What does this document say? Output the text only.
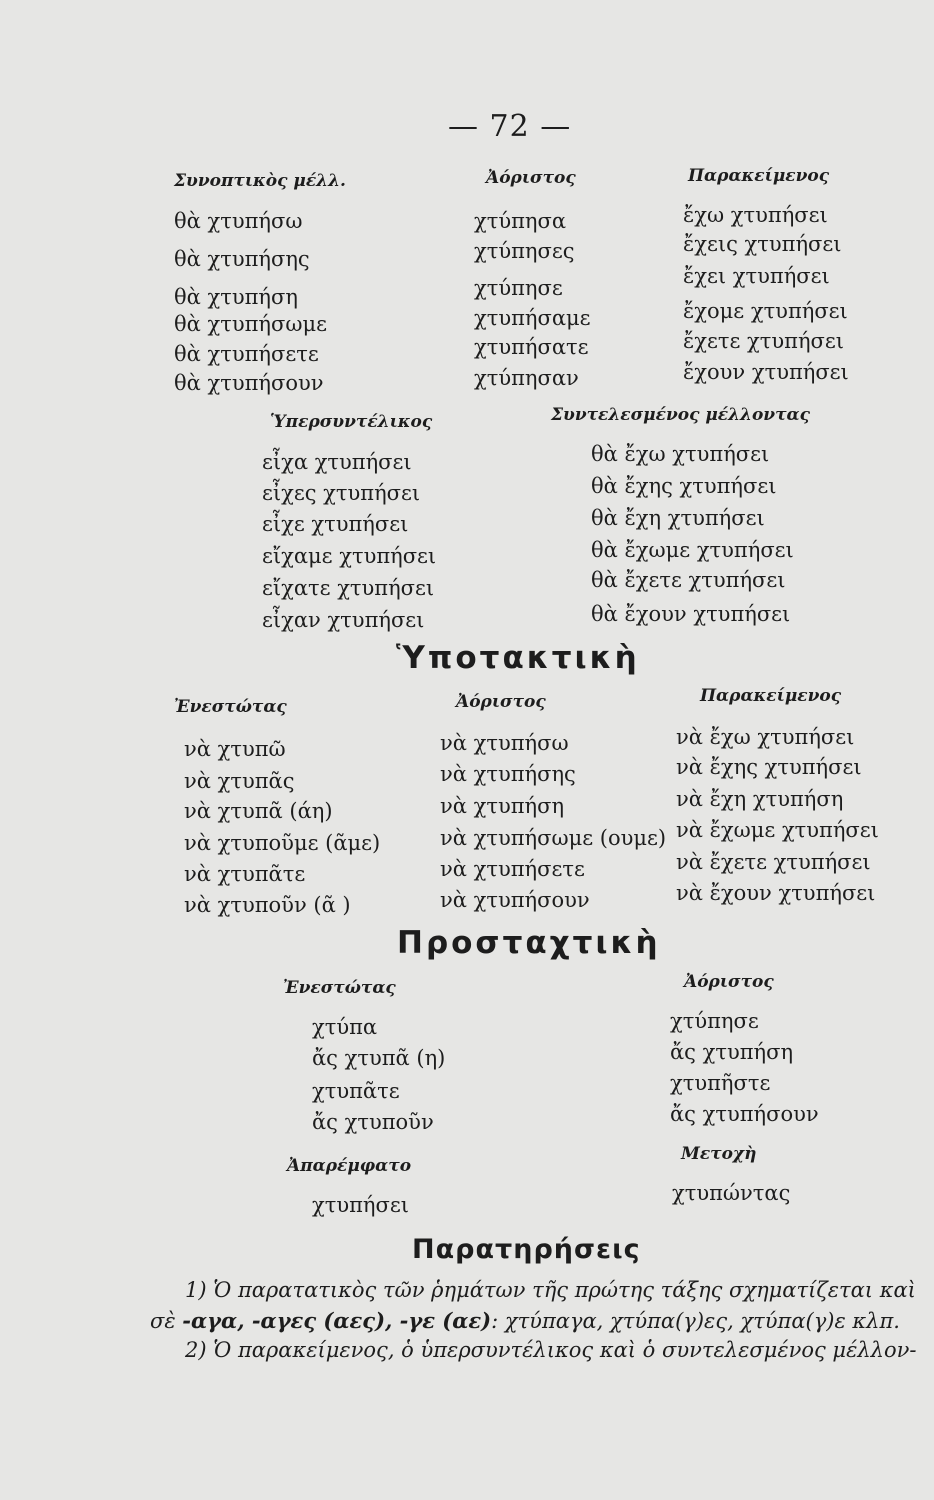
— 72 —
Συνοπτικὸς μέλλ.
θὰ χτυπήσω
θὰ χτυπήσης
θὰ χτυπήση
θὰ χτυπήσωμε
θὰ χτυπήσετε
θὰ χτυπήσουν
Ἀόριστος
χτύπησα
χτύπησες
χτύπησε
χτυπήσαμε
χτυπήσατε
χτύπησαν
Παρακείμενος
ἔχω χτυπήσει
ἔχεις χτυπήσει
ἔχει χτυπήσει
ἔχομε χτυπήσει
ἔχετε χτυπήσει
ἔχουν χτυπήσει
Ὑπερσυντέλικος
εἶχα χτυπήσει
εἶχες χτυπήσει
εἶχε χτυπήσει
εἴχαμε χτυπήσει
εἴχατε χτυπήσει
εἶχαν χτυπήσει
Συντελεσμένος μέλλοντας
θὰ ἔχω χτυπήσει
θὰ ἔχης χτυπήσει
θὰ ἔχη χτυπήσει
θὰ ἔχωμε χτυπήσει
θὰ ἔχετε χτυπήσει
θὰ ἔχουν χτυπήσει
Ὑποτακτικὴ
Ἐνεστώτας
νὰ χτυπῶ
νὰ χτυπᾶς
νὰ χτυπᾶ (άη)
νὰ χτυποῦμε (ᾶμε)
νὰ χτυπᾶτε
νὰ χτυποῦν (ᾶ )
Ἀόριστος
νὰ χτυπήσω
νὰ χτυπήσης
νὰ χτυπήση
νὰ χτυπήσωμε (ουμε)
νὰ χτυπήσετε
νὰ χτυπήσουν
Παρακείμενος
νὰ ἔχω χτυπήσει
νὰ ἔχης χτυπήσει
νὰ ἔχη χτυπήση
νὰ ἔχωμε χτυπήσει
νὰ ἔχετε χτυπήσει
νὰ ἔχουν χτυπήσει
Προσταχτικὴ
Ἐνεστώτας
χτύπα
ἄς χτυπᾶ (η)
χτυπᾶτε
ἄς χτυποῦν
Ἀόριστος
χτύπησε
ἄς χτυπήση
χτυπῆστε
ἄς χτυπήσουν
Ἀπαρέμφατο
χτυπήσει
Μετοχὴ
χτυπώντας
Παρατηρήσεις
1) Ὁ παρατατικὸς τῶν ῥημάτων τῆς πρώτης τάξης σχηματίζεται καὶ
σὲ -αγα, -αγες (αες), -γε (αε): χτύπαγα, χτύπα(γ)ες, χτύπα(γ)ε κλπ.
2) Ὁ παρακείμενος, ὁ ὑπερσυντέλικος καὶ ὁ συντελεσμένος μέλλον-
